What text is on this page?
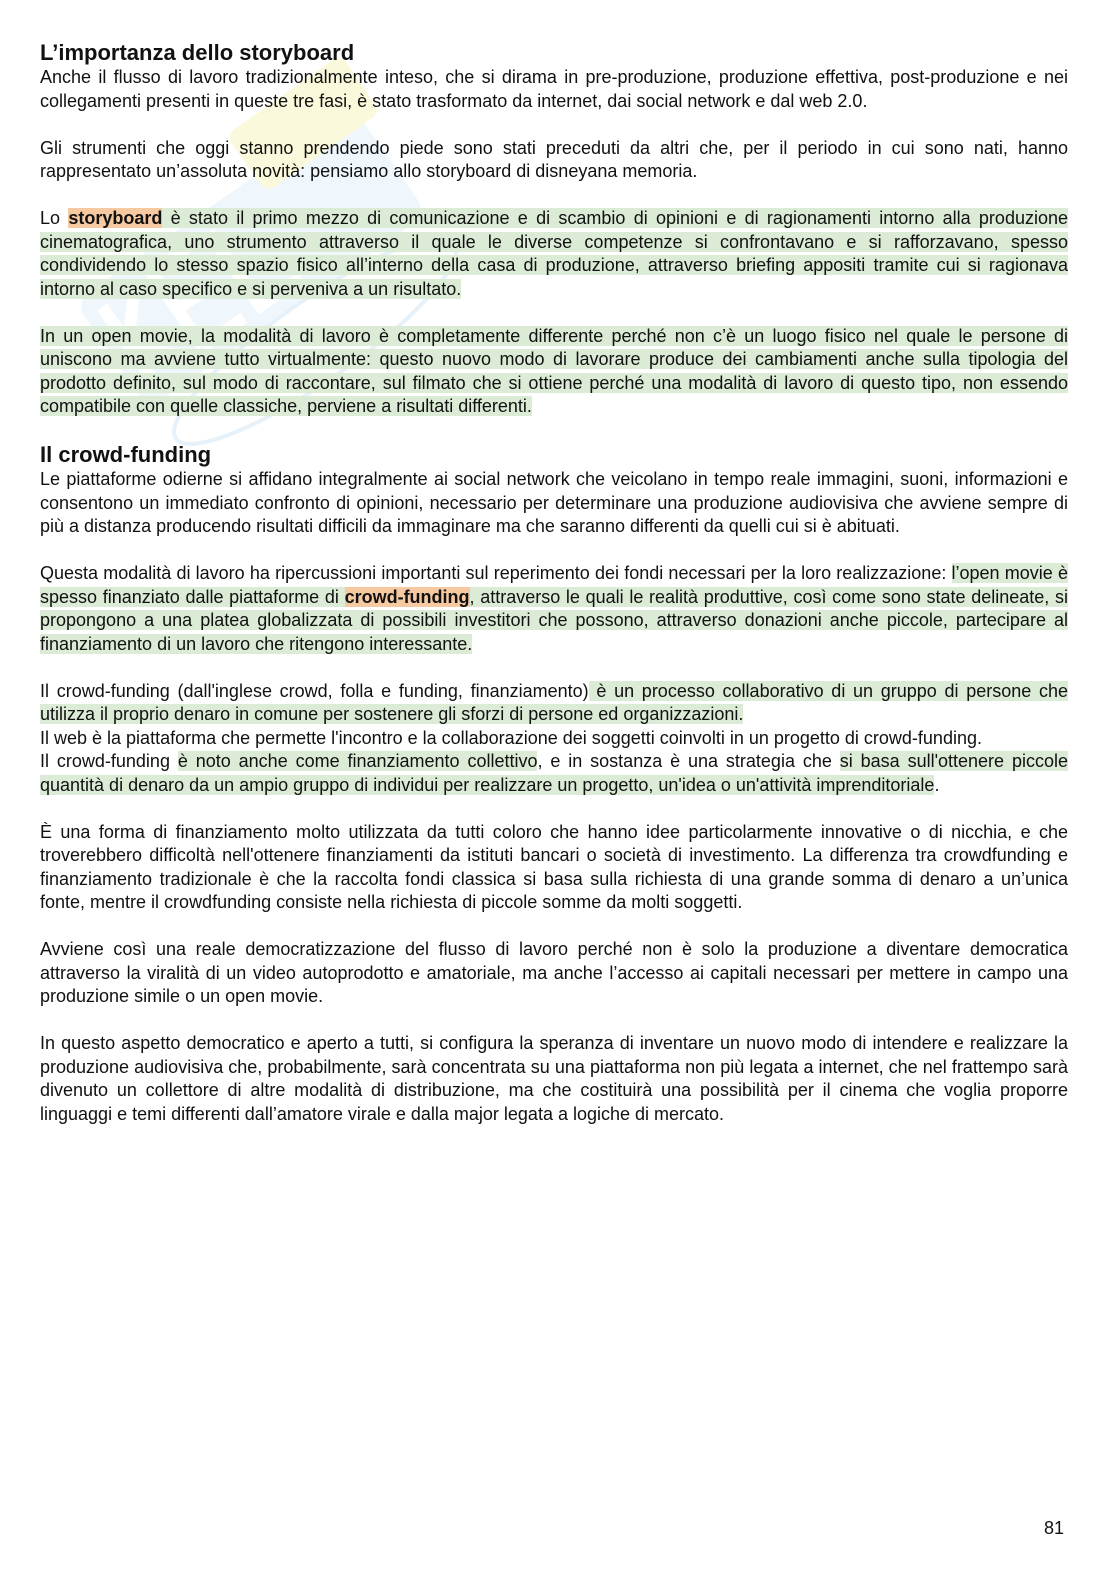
L’importanza dello storyboard

Anche il flusso di lavoro tradizionalmente inteso, che si dirama in pre-produzione, produzione effettiva, post-produzione e nei collegamenti presenti in queste tre fasi, è stato trasformato da internet, dai social network e dal web 2.0.

Gli strumenti che oggi stanno prendendo piede sono stati preceduti da altri che, per il periodo in cui sono nati, hanno rappresentato un’assoluta novità: pensiamo allo storyboard di disneyana memoria.

Lo storyboard è stato il primo mezzo di comunicazione e di scambio di opinioni e di ragionamenti intorno alla produzione cinematografica, uno strumento attraverso il quale le diverse competenze si confrontavano e si rafforzavano, spesso condividendo lo stesso spazio fisico all’interno della casa di produzione, attraverso briefing appositi tramite cui si ragionava intorno al caso specifico e si perveniva a un risultato.

In un open movie, la modalità di lavoro è completamente differente perché non c’è un luogo fisico nel quale le persone di uniscono ma avviene tutto virtualmente: questo nuovo modo di lavorare produce dei cambiamenti anche sulla tipologia del prodotto definito, sul modo di raccontare, sul filmato che si ottiene perché una modalità di lavoro di questo tipo, non essendo compatibile con quelle classiche, perviene a risultati differenti.

Il crowd-funding

Le piattaforme odierne si affidano integralmente ai social network che veicolano in tempo reale immagini, suoni, informazioni e consentono un immediato confronto di opinioni, necessario per determinare una produzione audiovisiva che avviene sempre di più a distanza producendo risultati difficili da immaginare ma che saranno differenti da quelli cui si è abituati.

Questa modalità di lavoro ha ripercussioni importanti sul reperimento dei fondi necessari per la loro realizzazione: l’open movie è spesso finanziato dalle piattaforme di crowd-funding, attraverso le quali le realità produttive, così come sono state delineate, si propongono a una platea globalizzata di possibili investitori che possono, attraverso donazioni anche piccole, partecipare al finanziamento di un lavoro che ritengono interessante.

Il crowd-funding (dall'inglese crowd, folla e funding, finanziamento) è un processo collaborativo di un gruppo di persone che utilizza il proprio denaro in comune per sostenere gli sforzi di persone ed organizzazioni.

Il web è la piattaforma che permette l'incontro e la collaborazione dei soggetti coinvolti in un progetto di crowd-funding.

Il crowd-funding è noto anche come finanziamento collettivo, e in sostanza è una strategia che si basa sull'ottenere piccole quantità di denaro da un ampio gruppo di individui per realizzare un progetto, un'idea o un'attività imprenditoriale.

È una forma di finanziamento molto utilizzata da tutti coloro che hanno idee particolarmente innovative o di nicchia, e che troverebbero difficoltà nell'ottenere finanziamenti da istituti bancari o società di investimento. La differenza tra crowdfunding e finanziamento tradizionale è che la raccolta fondi classica si basa sulla richiesta di una grande somma di denaro a un’unica fonte, mentre il crowdfunding consiste nella richiesta di piccole somme da molti soggetti.

Avviene così una reale democratizzazione del flusso di lavoro perché non è solo la produzione a diventare democratica attraverso la viralità di un video autoprodotto e amatoriale, ma anche l’accesso ai capitali necessari per mettere in campo una produzione simile o un open movie.

In questo aspetto democratico e aperto a tutti, si configura la speranza di inventare un nuovo modo di intendere e realizzare la produzione audiovisiva che, probabilmente, sarà concentrata su una piattaforma non più legata a internet, che nel frattempo sarà divenuto un collettore di altre modalità di distribuzione, ma che costituirà una possibilità per il cinema che voglia proporre linguaggi e temi differenti dall’amatore virale e dalla major legata a logiche di mercato.

81
